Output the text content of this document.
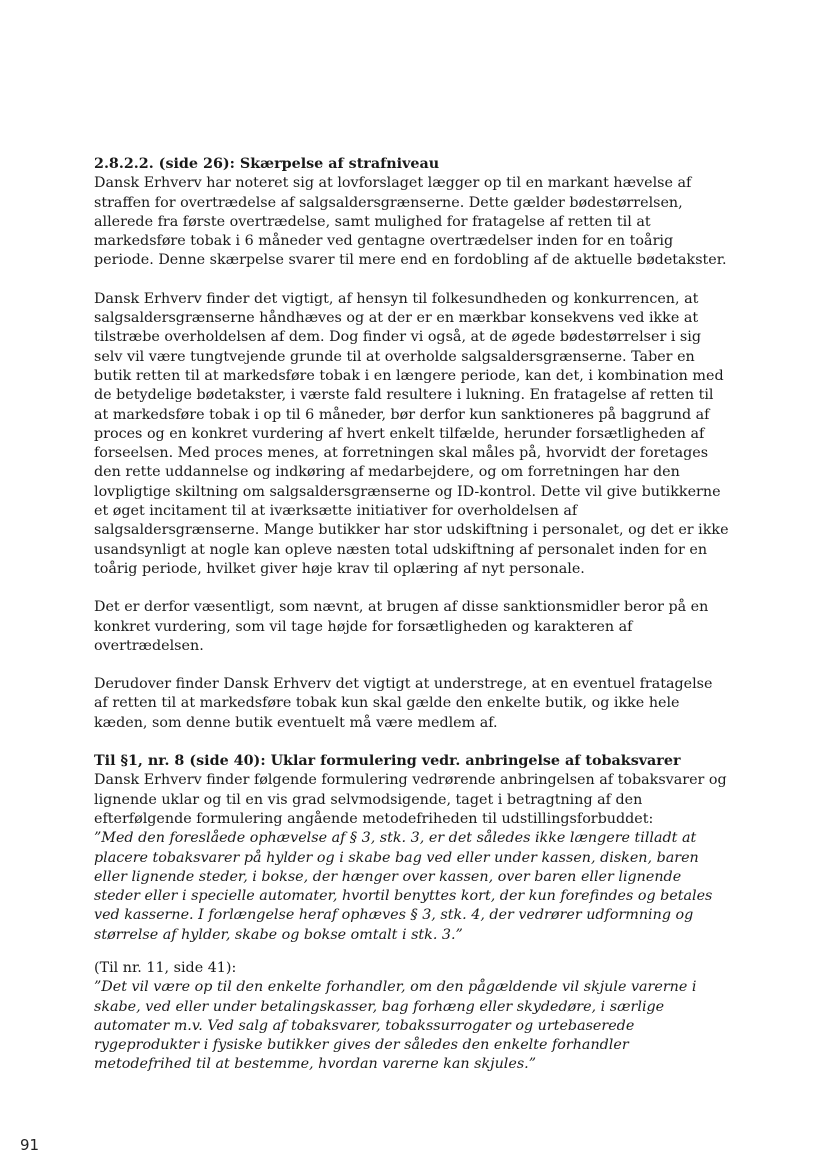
2.8.2.2. (side 26): Skærpelse af strafniveau

Dansk Erhverv har noteret sig at lovforslaget lægger op til en markant hævelse af straffen for overtrædelse af salgsaldersgrænserne. Dette gælder bødestørrelsen, allerede fra første overtrædelse, samt mulighed for fratagelse af retten til at markedsføre tobak i 6 måneder ved gentagne overtrædelser inden for en toårig periode. Denne skærpelse svarer til mere end en fordobling af de aktuelle bødetakster.

Dansk Erhverv finder det vigtigt, af hensyn til folkesundheden og konkurrencen, at salgsaldersgrænserne håndhæves og at der er en mærkbar konsekvens ved ikke at tilstræbe overholdelsen af dem. Dog finder vi også, at de øgede bødestørrelser i sig selv vil være tungtvejende grunde til at overholde salgsaldersgrænserne. Taber en butik retten til at markedsføre tobak i en længere periode, kan det, i kombination med de betydelige bødetakster, i værste fald resultere i lukning. En fratagelse af retten til at markedsføre tobak i op til 6 måneder, bør derfor kun sanktioneres på baggrund af proces og en konkret vurdering af hvert enkelt tilfælde, herunder forsætligheden af forseelsen. Med proces menes, at forretningen skal måles på, hvorvidt der foretages den rette uddannelse og indkøring af medarbejdere, og om forretningen har den lovpligtige skiltning om salgsaldersgrænserne og ID-kontrol. Dette vil give butikkerne et øget incitament til at iværksætte initiativer for overholdelsen af salgsaldersgrænserne. Mange butikker har stor udskiftning i personalet, og det er ikke usandsynligt at nogle kan opleve næsten total udskiftning af personalet inden for en toårig periode, hvilket giver høje krav til oplæring af nyt personale.

Det er derfor væsentligt, som nævnt, at brugen af disse sanktionsmidler beror på en konkret vurdering, som vil tage højde for forsætligheden og karakteren af overtrædelsen.

Derudover finder Dansk Erhverv det vigtigt at understrege, at en eventuel fratagelse af retten til at markedsføre tobak kun skal gælde den enkelte butik, og ikke hele kæden, som denne butik eventuelt må være medlem af.

Til §1, nr. 8 (side 40): Uklar formulering vedr. anbringelse af tobaksvarer

Dansk Erhverv finder følgende formulering vedrørende anbringelsen af tobaksvarer og lignende uklar og til en vis grad selvmodsigende, taget i betragtning af den efterfølgende formulering angående metodefriheden til udstillingsforbuddet:

”Med den foreslåede ophævelse af § 3, stk. 3, er det således ikke længere tilladt at placere tobaksvarer på hylder og i skabe bag ved eller under kassen, disken, baren eller lignende steder, i bokse, der hænger over kassen, over baren eller lignende steder eller i specielle automater, hvortil benyttes kort, der kun forefindes og betales ved kasserne. I forlængelse heraf ophæves § 3, stk. 4, der vedrører udformning og størrelse af hylder, skabe og bokse omtalt i stk. 3.”

(Til nr. 11, side 41):

”Det vil være op til den enkelte forhandler, om den pågældende vil skjule varerne i skabe, ved eller under betalingskasser, bag forhæng eller skydedøre, i særlige automater m.v. Ved salg af tobaksvarer, tobakssurrogater og urtebaserede rygeprodukter i fysiske butikker gives der således den enkelte forhandler metodefrihed til at bestemme, hvordan varerne kan skjules.”

91
